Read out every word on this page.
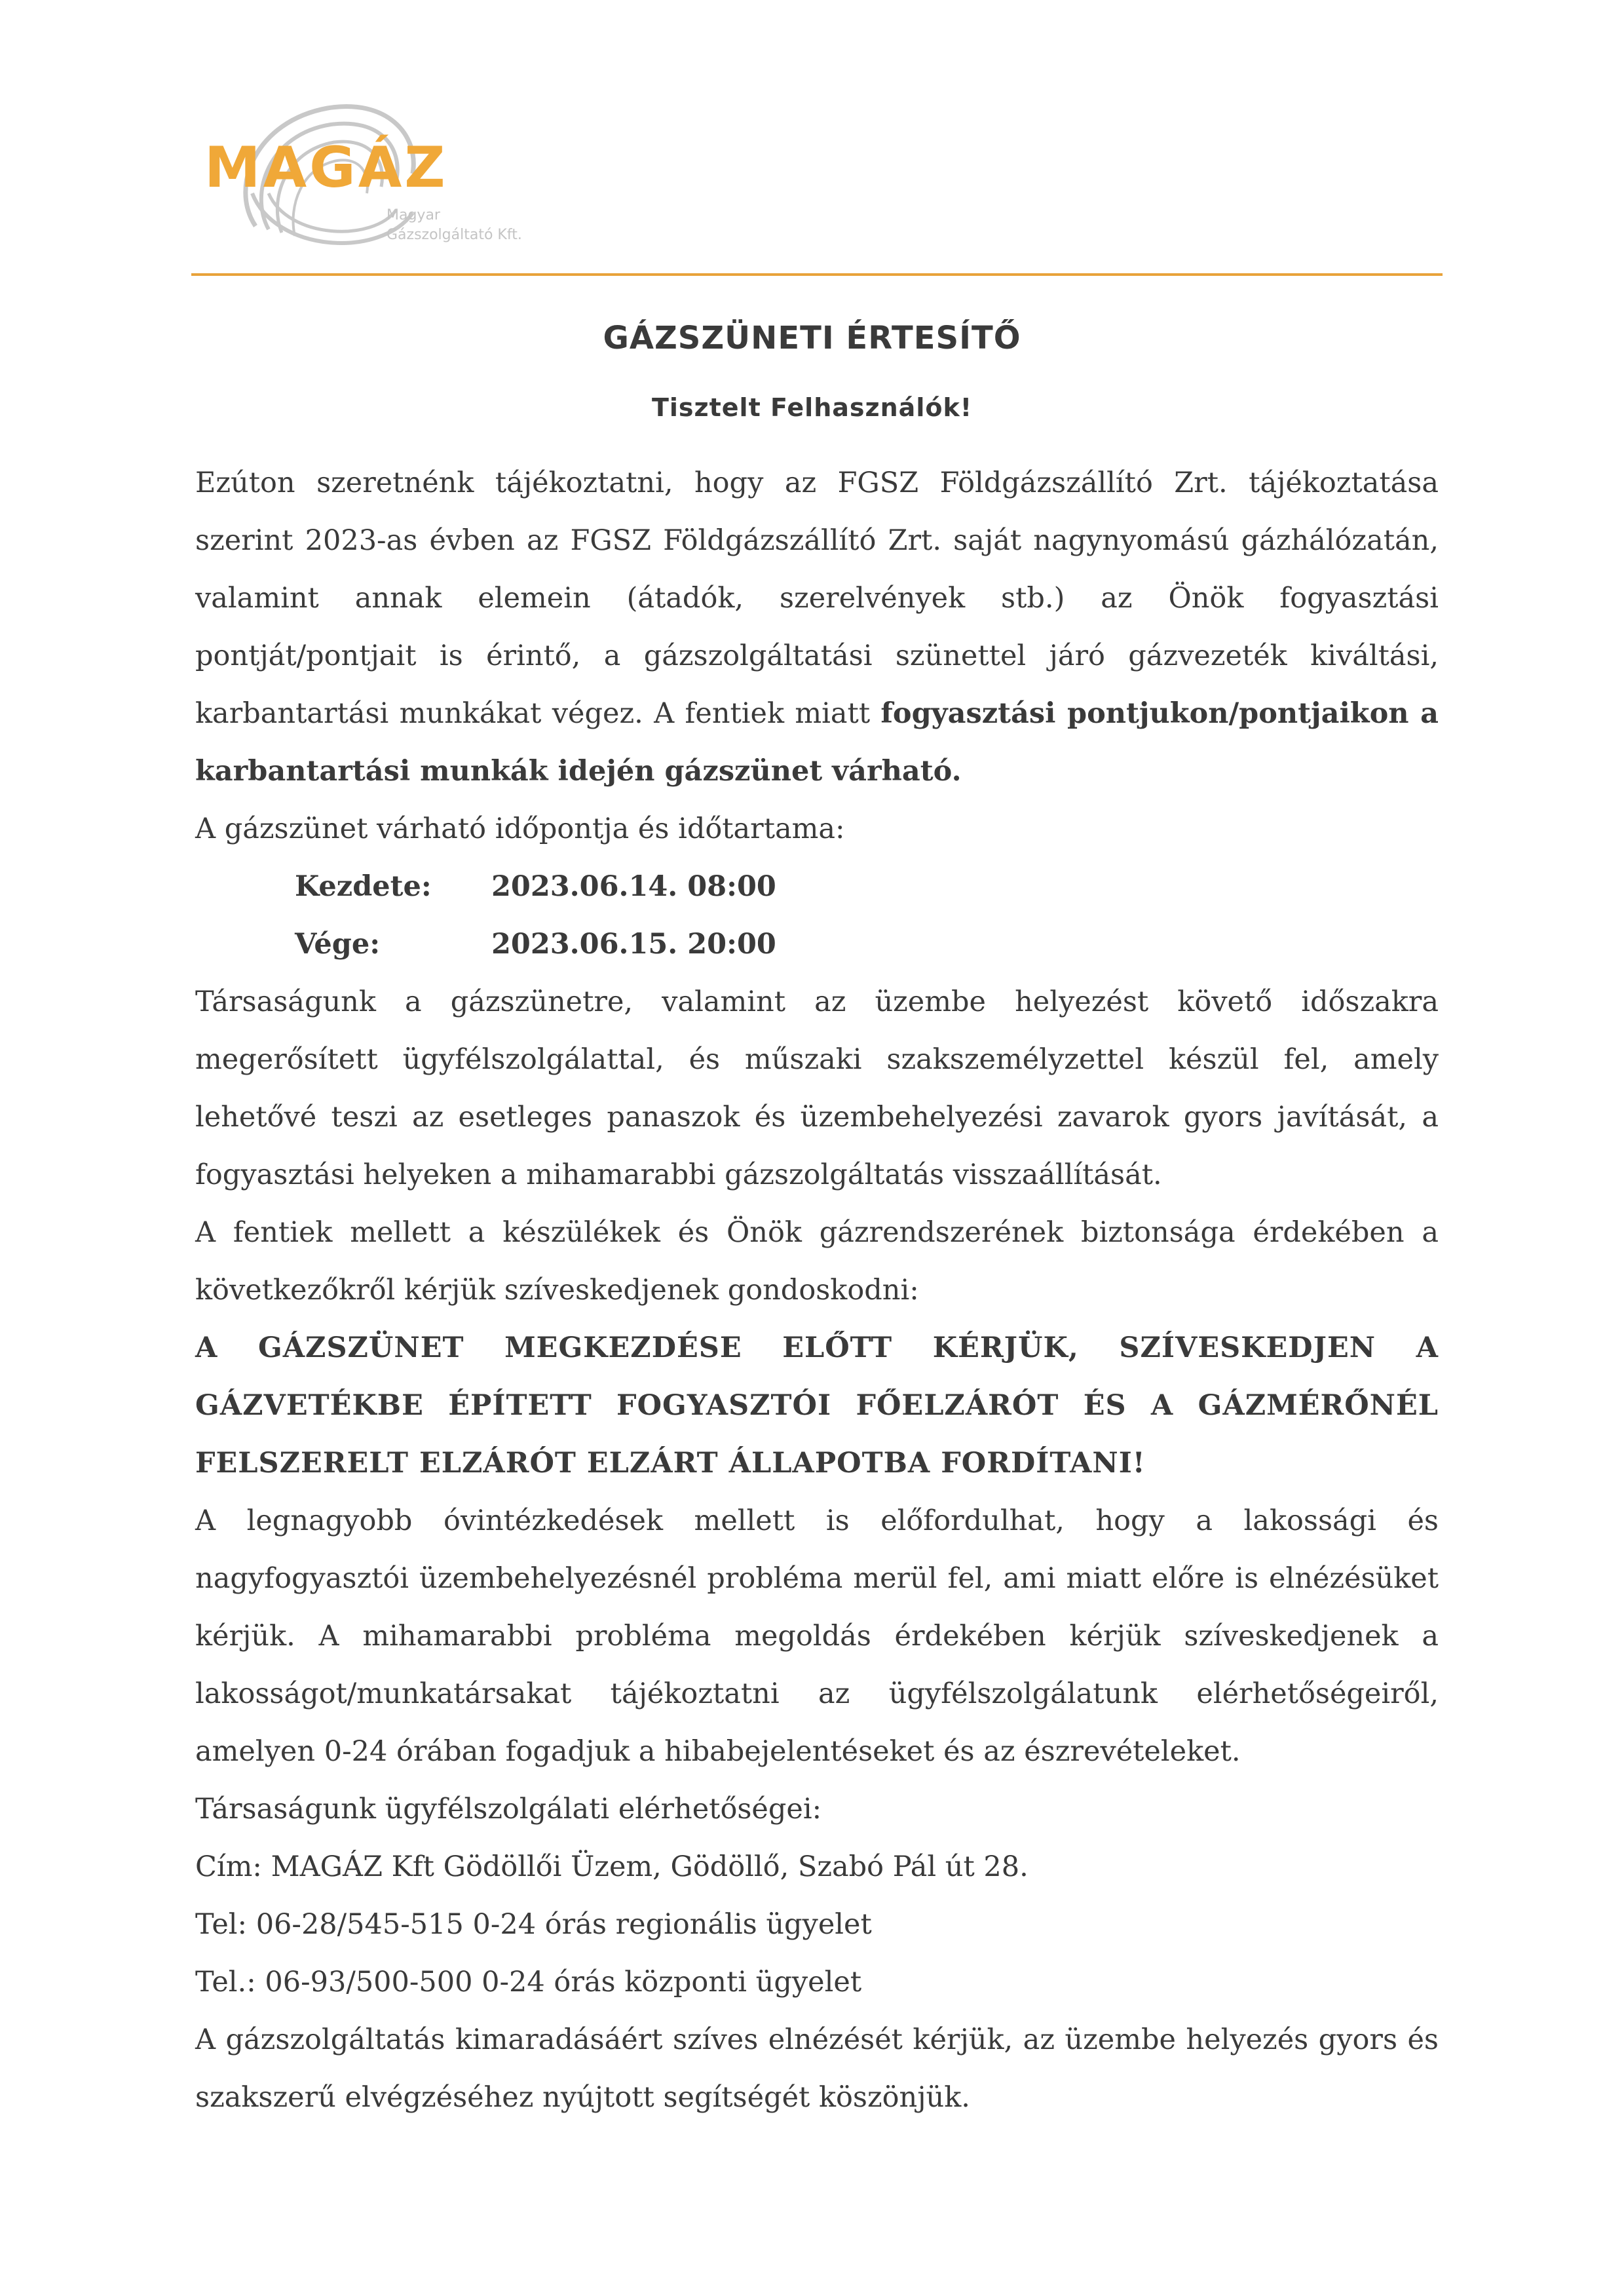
MAGÁZ
Magyar
Gázszolgáltató Kft.
GÁZSZÜNETI ÉRTESÍTŐ
Tisztelt Felhasználók!

Ezúton szeretnénk tájékoztatni, hogy az FGSZ Földgázszállító Zrt. tájékoztatása szerint 2023-as évben az FGSZ Földgázszállító Zrt. saját nagynyomású gázhálózatán, valamint annak elemein (átadók, szerelvények stb.) az Önök fogyasztási pontját/pontjait is érintő, a gázszolgáltatási szünettel járó gázvezeték kiváltási, karbantartási munkákat végez. A fentiek miatt fogyasztási pontjukon/pontjaikon a karbantartási munkák idején gázszünet várható.

A gázszünet várható időpontja és időtartama:

Kezdete: 2023.06.14. 08:00
Vége:	2023.06.15. 20:00

Társaságunk a gázszünetre, valamint az üzembe helyezést követő időszakra megerősített ügyfélszolgálattal, és műszaki szakszemélyzettel készül fel, amely lehetővé teszi az esetleges panaszok és üzembehelyezési zavarok gyors javítását, a fogyasztási helyeken a mihamarabbi gázszolgáltatás visszaállítását.

A fentiek mellett a készülékek és Önök gázrendszerének biztonsága érdekében a következőkről kérjük szíveskedjenek gondoskodni:

A GÁZSZÜNET MEGKEZDÉSE ELŐTT KÉRJÜK, SZÍVESKEDJEN A GÁZVETÉKBE ÉPÍTETT FOGYASZTÓI FŐELZÁRÓT ÉS A GÁZMÉRŐNÉL FELSZERELT ELZÁRÓT ELZÁRT ÁLLAPOTBA FORDÍTANI!

A legnagyobb óvintézkedések mellett is előfordulhat, hogy a lakossági és nagyfogyasztói üzembehelyezésnél probléma merül fel, ami miatt előre is elnézésüket kérjük. A mihamarabbi probléma megoldás érdekében kérjük szíveskedjenek a lakosságot/munkatársakat tájékoztatni az ügyfélszolgálatunk elérhetőségeiről, amelyen 0-24 órában fogadjuk a hibabejelentéseket és az észrevételeket.

Társaságunk ügyfélszolgálati elérhetőségei:

Cím: MAGÁZ Kft Gödöllői Üzem, Gödöllő, Szabó Pál út 28.

Tel: 06-28/545-515 0-24 órás regionális ügyelet

Tel.: 06-93/500-500 0-24 órás központi ügyelet

A gázszolgáltatás kimaradásáért szíves elnézését kérjük, az üzembe helyezés gyors és szakszerű elvégzéséhez nyújtott segítségét köszönjük.
